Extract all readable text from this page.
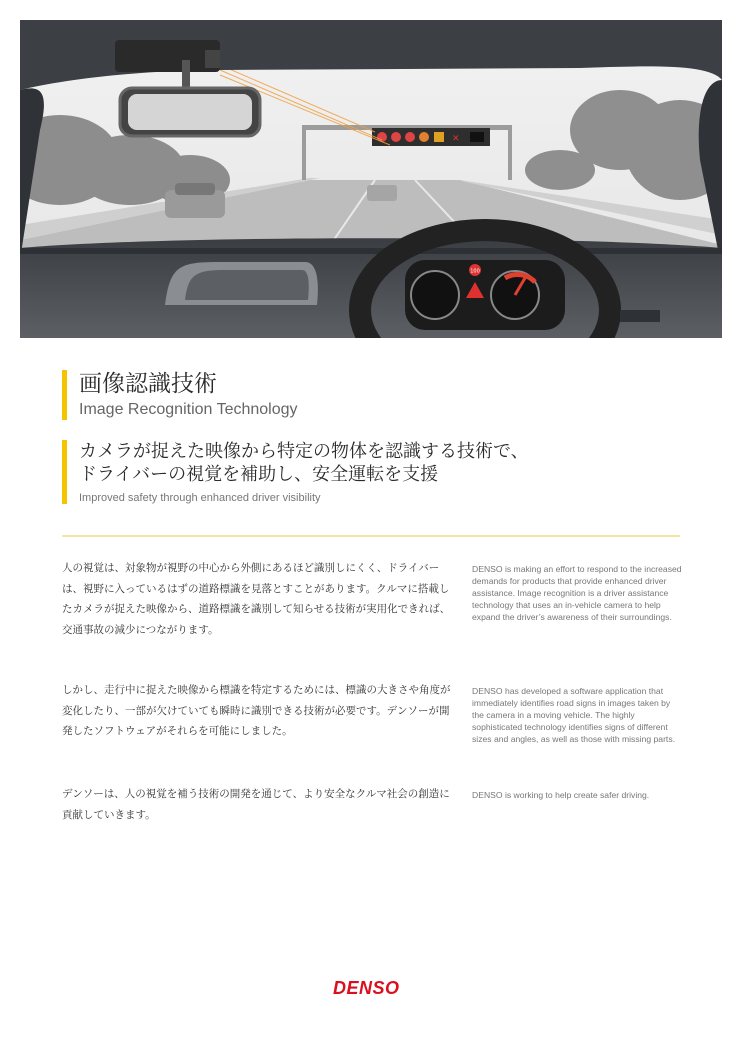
✕
100
画像認識技術
Image Recognition Technology
カメラが捉えた映像から特定の物体を認識する技術で、
ドライバーの視覚を補助し、安全運転を支援
Improved safety through enhanced driver visibility
人の視覚は、対象物が視野の中心から外側にあるほど識別しにくく、ドライバーは、視野に入っているはずの道路標識を見落とすことがあります。クルマに搭載したカメラが捉えた映像から、道路標識を識別して知らせる技術が実用化できれば、交通事故の減少につながります。
DENSO is making an effort to respond to the increased demands for products that provide enhanced driver assistance. Image recognition is a driver assistance technology that uses an in-vehicle camera to help expand the driver’s awareness of their surroundings.
しかし、走行中に捉えた映像から標識を特定するためには、標識の大きさや角度が変化したり、一部が欠けていても瞬時に識別できる技術が必要です。デンソーが開発したソフトウェアがそれらを可能にしました。
DENSO has developed a software application that immediately identifies road signs in images taken by the camera in a moving vehicle. The highly sophisticated technology identifies signs of different sizes and angles, as well as those with missing parts.
デンソーは、人の視覚を補う技術の開発を通じて、より安全なクルマ社会の創造に貢献していきます。
DENSO is working to help create safer driving.
DENSO
